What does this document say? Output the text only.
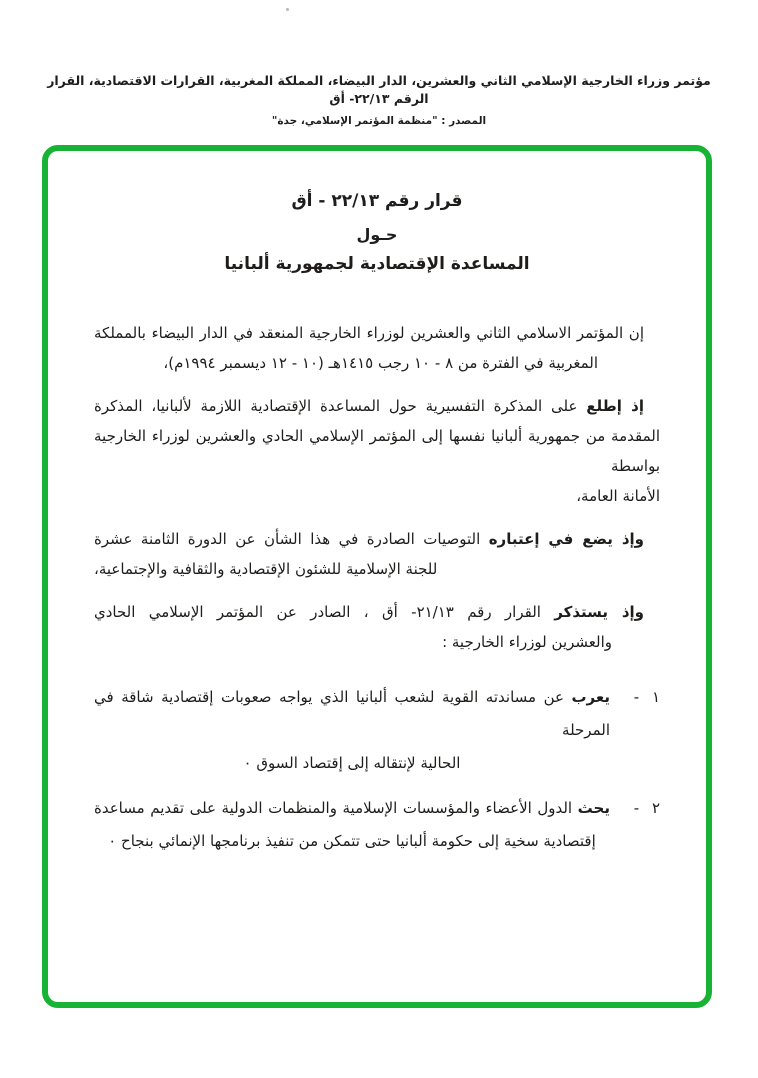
مؤتمر وزراء الخارجية الإسلامي الثاني والعشرين، الدار البيضاء، المملكة المغربية، القرارات الاقتصادية، القرار الرقم ٢٢/١٣- أق
المصدر : "منظمة المؤتمر الإسلامي، جدة"
قرار رقم ٢٢/١٣ - أق
حـول
المساعدة الإقتصادية لجمهورية ألبانيا
إن المؤتمر الاسلامي الثاني والعشرين لوزراء الخارجية المنعقد في الدار البيضاء بالمملكة
المغربية في الفترة من ٨ - ١٠ رجب ١٤١٥هـ (١٠ - ١٢ ديسمبر ١٩٩٤م)،
إذ إطلع على المذكرة التفسيرية حول المساعدة الإقتصادية اللازمة لألبانيا، المذكرة
المقدمة من جمهورية ألبانيا نفسها إلى المؤتمر الإسلامي الحادي والعشرين لوزراء الخارجية بواسطة
الأمانة العامة،
وإذ يضع في إعتباره التوصيات الصادرة في هذا الشأن عن الدورة الثامنة عشرة
للجنة الإسلامية للشئون الإقتصادية والثقافية والإجتماعية،
وإذ يستذكر القرار رقم ٢١/١٣- أق ، الصادر عن المؤتمر الإسلامي الحادي
والعشرين لوزراء الخارجية :
١ -
يعرب عن مساندته القوية لشعب ألبانيا الذي يواجه صعوبات إقتصادية شاقة في المرحلة
الحالية لإنتقاله إلى إقتصاد السوق ٠
٢ -
يحث الدول الأعضاء والمؤسسات الإسلامية والمنظمات الدولية على تقديم مساعدة
إقتصادية سخية إلى حكومة ألبانيا حتى تتمكن من تنفيذ برنامجها الإنمائي بنجاح ٠
